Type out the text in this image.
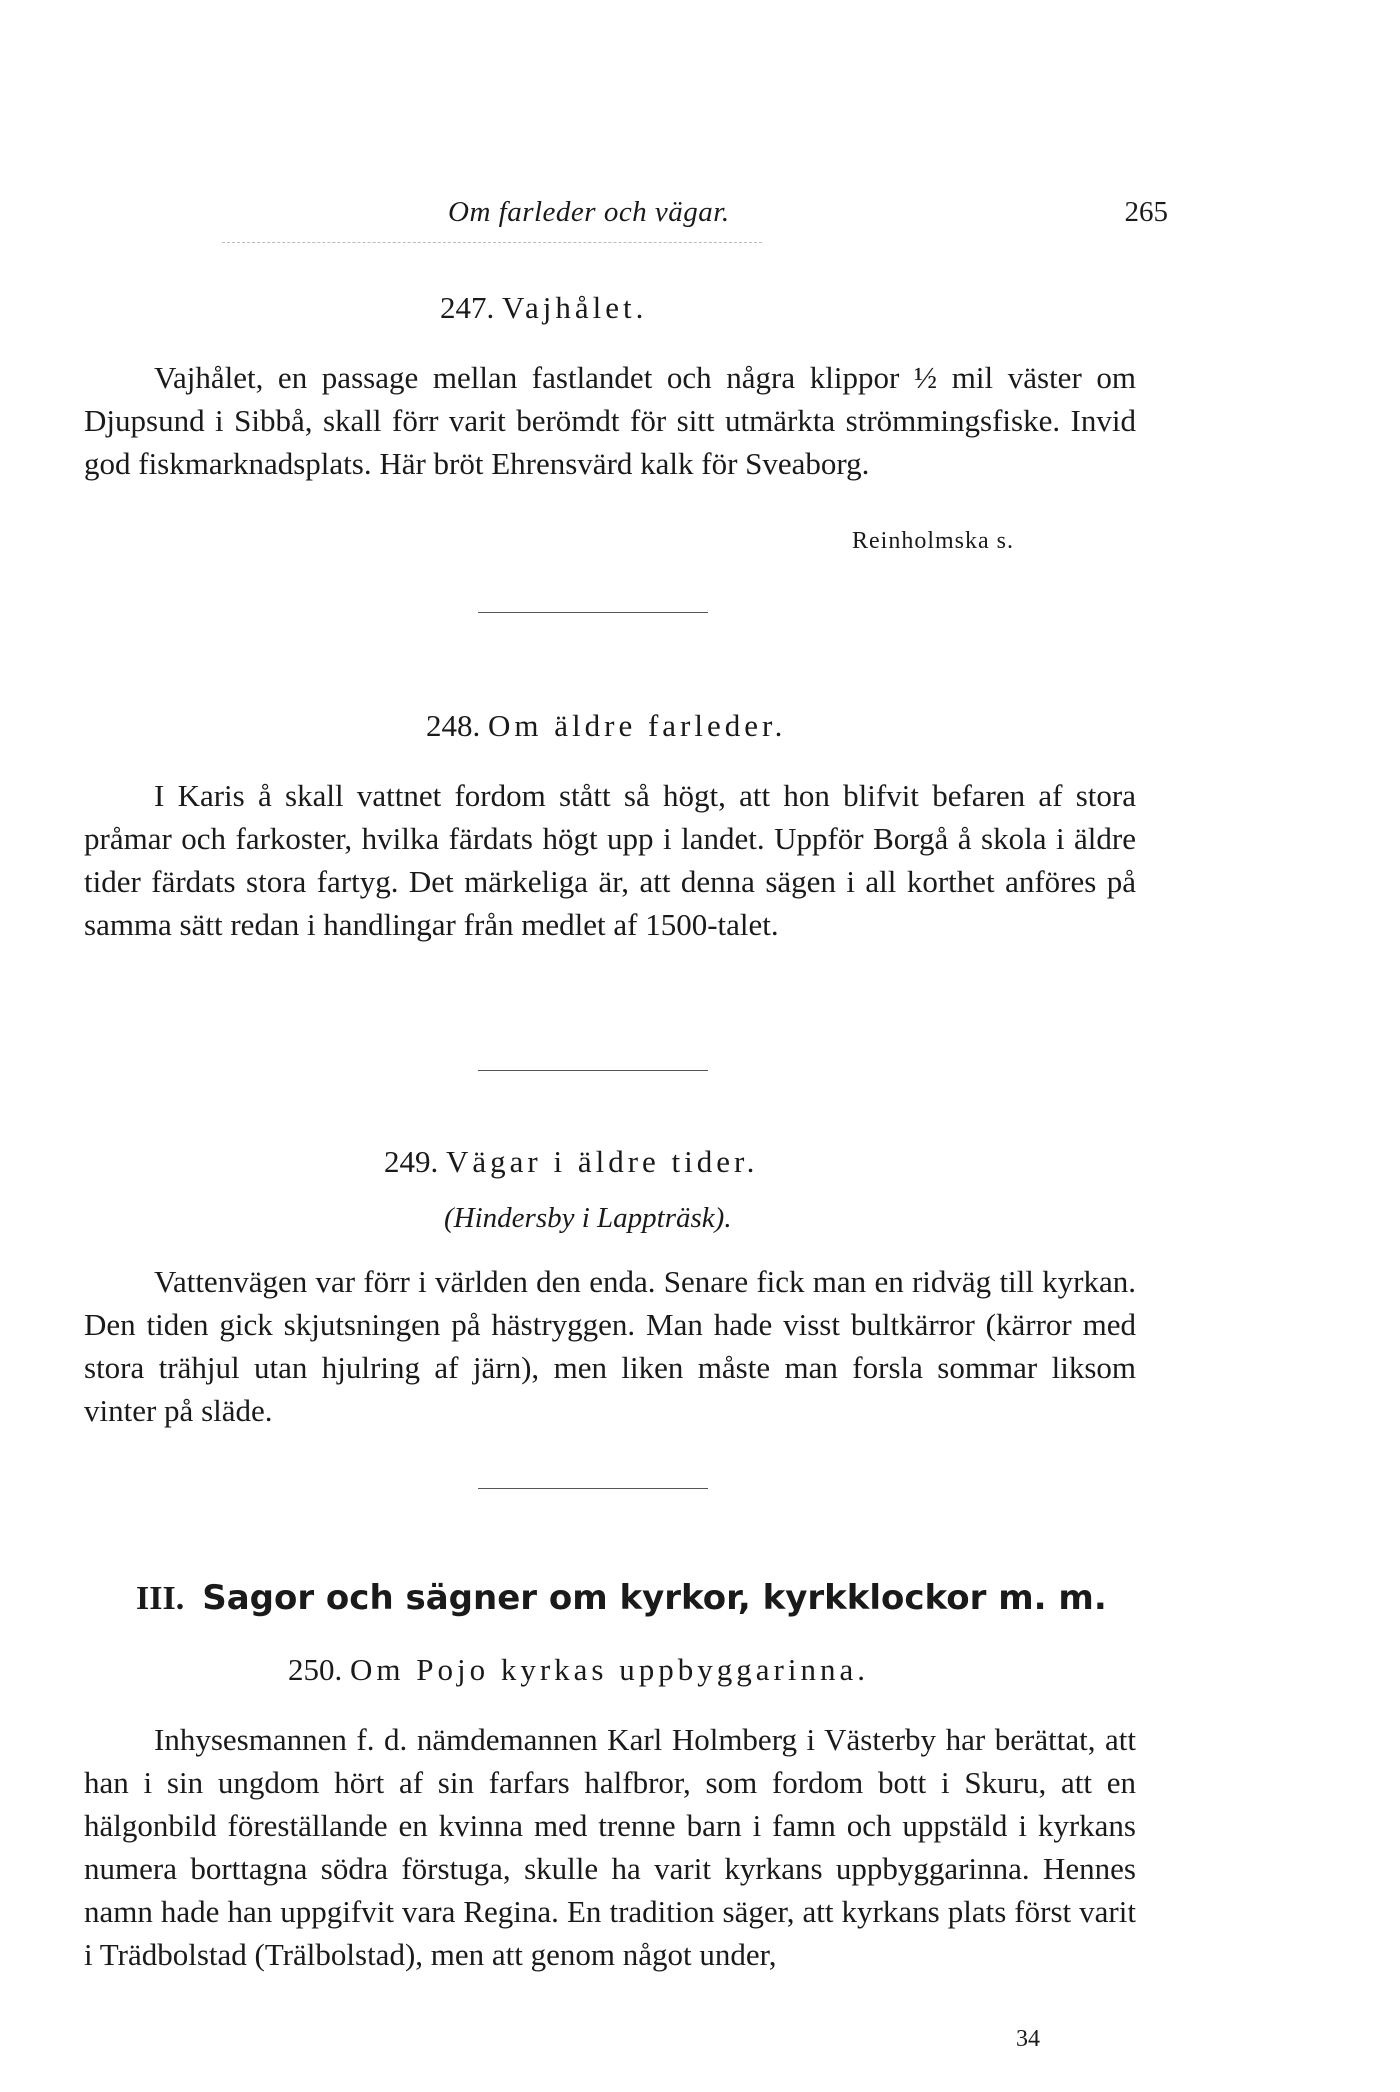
Om farleder och vägar.	265
247. Vajhålet.
Vajhålet, en passage mellan fastlandet och några klippor ½ mil väster om Djupsund i Sibbå, skall förr varit berömdt för sitt utmärkta strömmingsfiske. Invid god fiskmarknadsplats. Här bröt Ehrensvärd kalk för Sveaborg.
Reinholmska s.
248. Om äldre farleder.
I Karis å skall vattnet fordom stått så högt, att hon blifvit befaren af stora pråmar och farkoster, hvilka färdats högt upp i landet. Uppför Borgå å skola i äldre tider färdats stora fartyg. Det märkeliga är, att denna sägen i all korthet anföres på samma sätt redan i handlingar från medlet af 1500-talet.
249. Vägar i äldre tider.
(Hindersby i Lappträsk).
Vattenvägen var förr i världen den enda. Senare fick man en ridväg till kyrkan. Den tiden gick skjutsningen på hästryggen. Man hade visst bultkärror (kärror med stora trähjul utan hjulring af järn), men liken måste man forsla sommar liksom vinter på släde.
III. Sagor och sägner om kyrkor, kyrkklockor m. m.
250. Om Pojo kyrkas uppbyggarinna.
Inhysesmannen f. d. nämdemannen Karl Holmberg i Västerby har berättat, att han i sin ungdom hört af sin farfars halfbror, som fordom bott i Skuru, att en hälgonbild föreställande en kvinna med trenne barn i famn och uppstäld i kyrkans numera borttagna södra förstuga, skulle ha varit kyrkans uppbyggarinna. Hennes namn hade han uppgifvit vara Regina. En tradition säger, att kyrkans plats först varit i Trädbolstad (Trälbolstad), men att genom något under,
34
